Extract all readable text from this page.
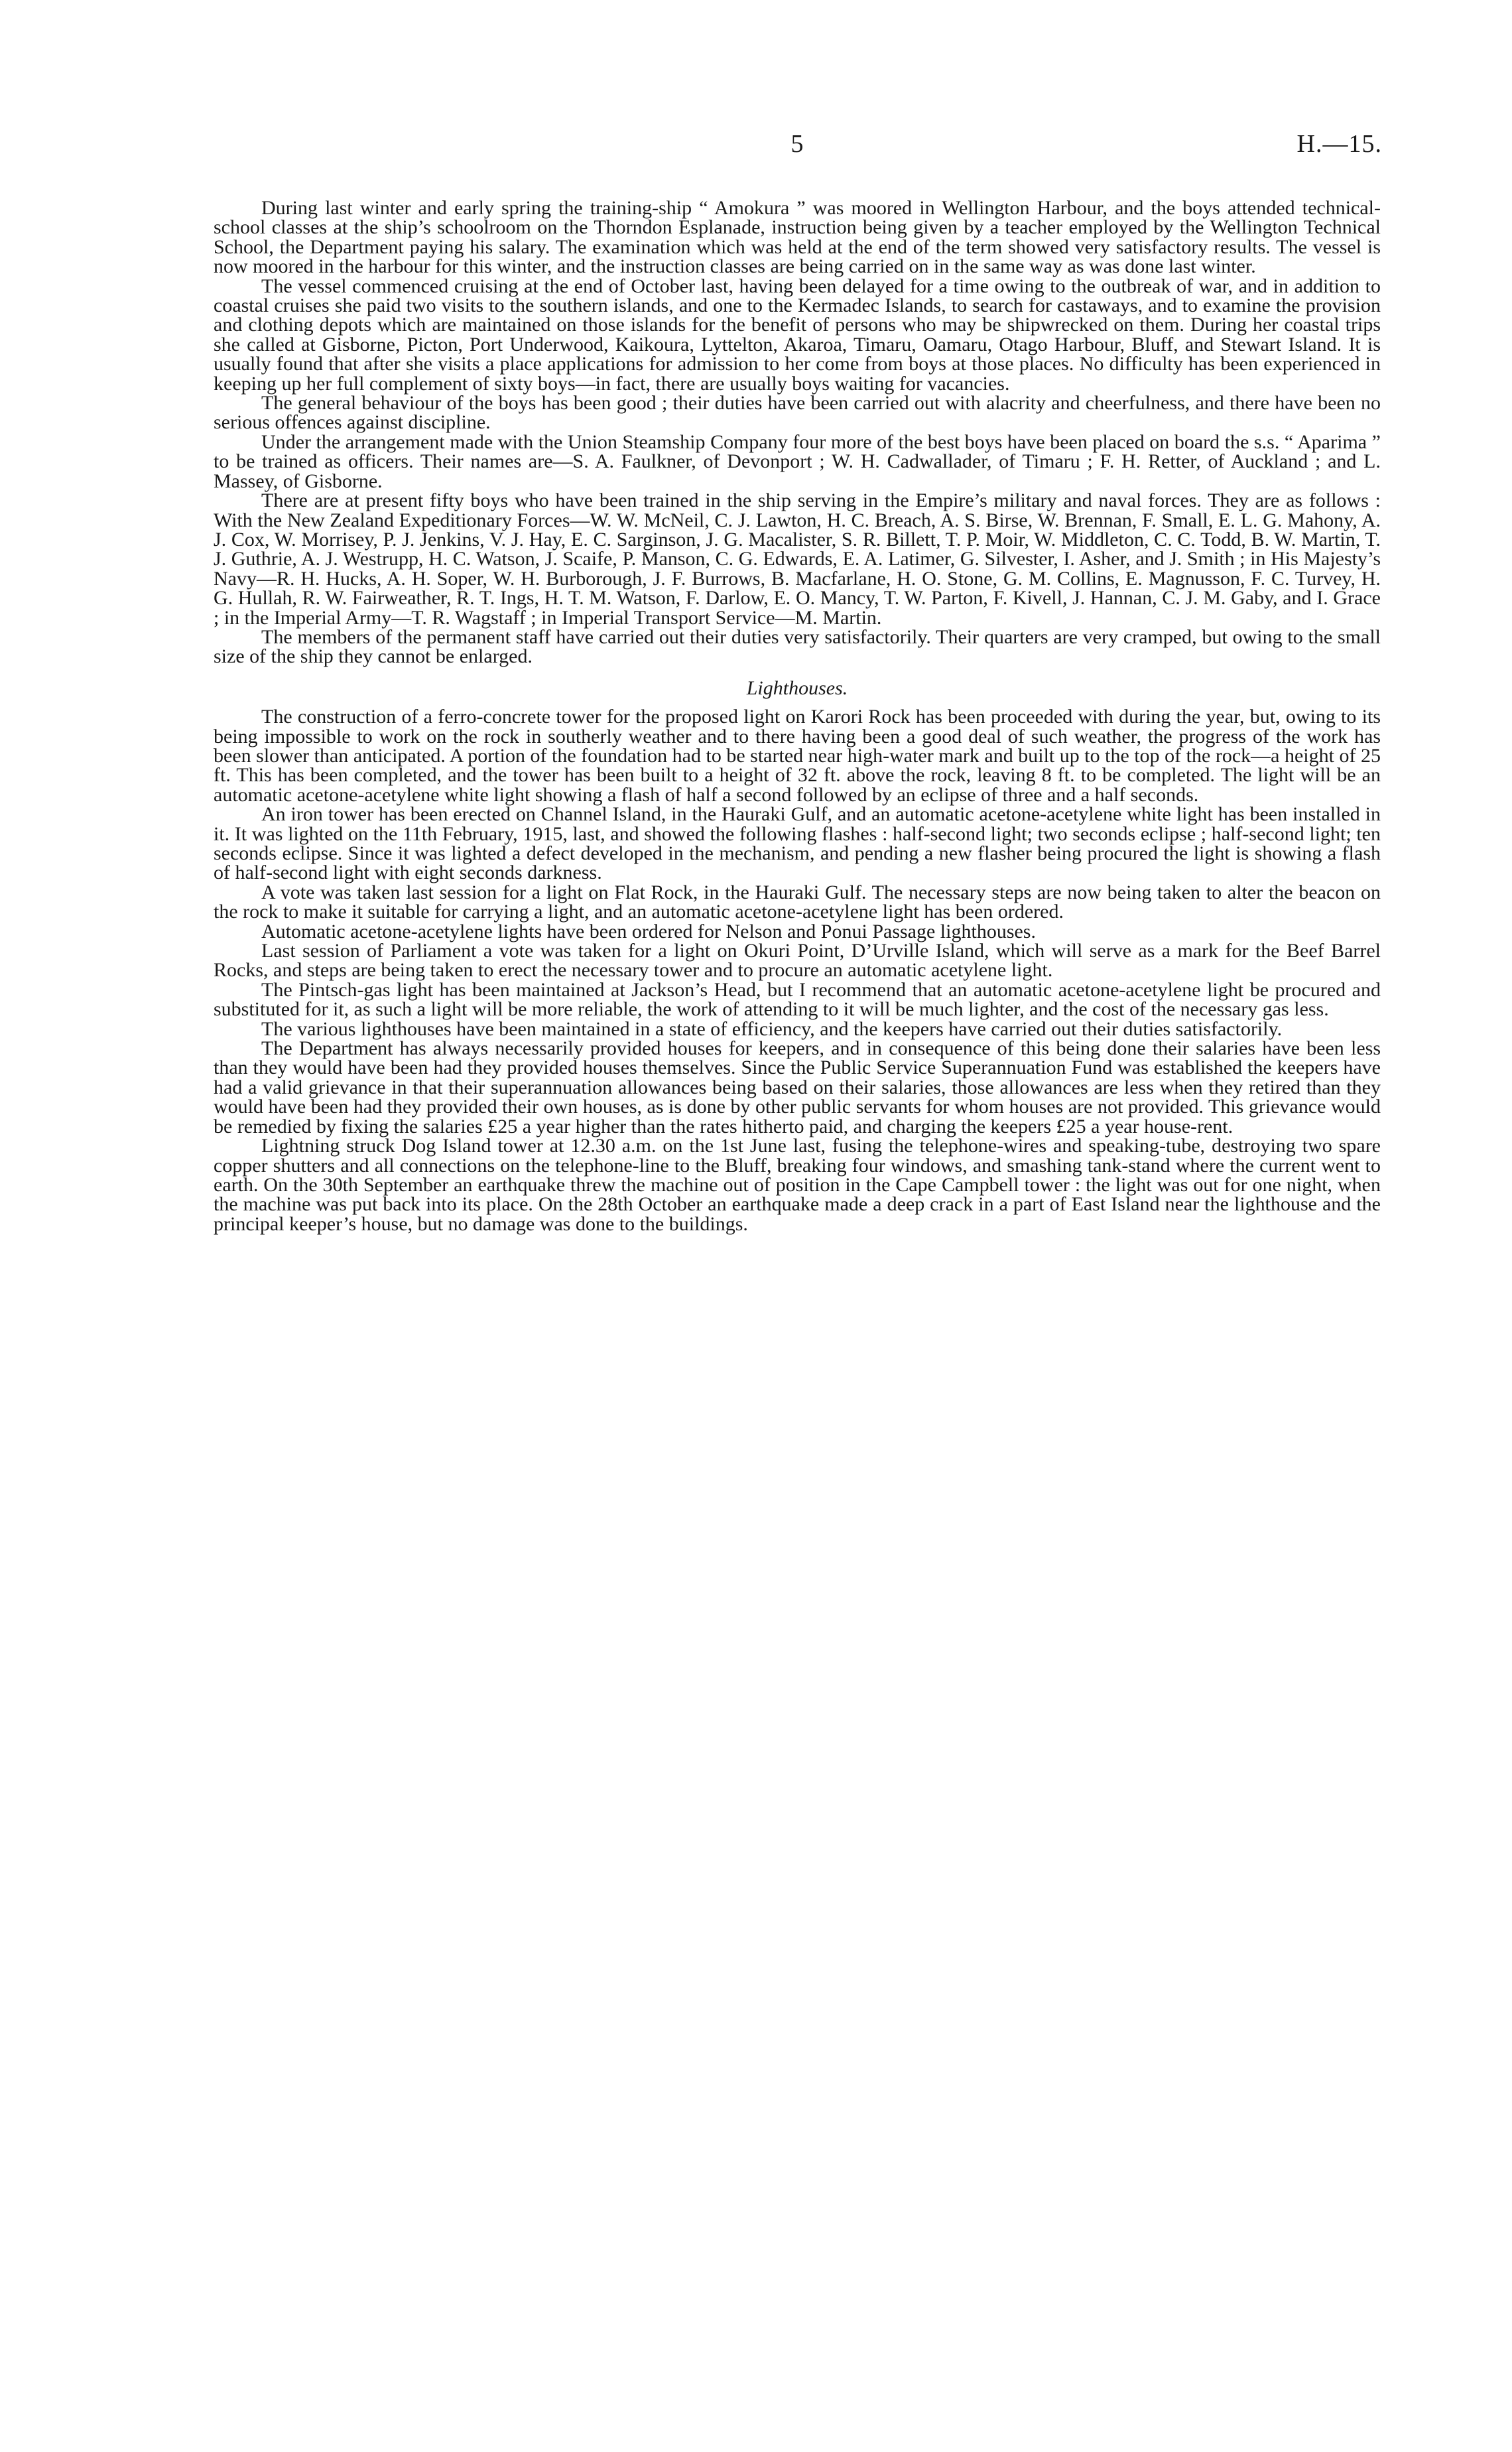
5	H.—15.

During last winter and early spring the training-ship “ Amokura ” was moored in Wellington Harbour, and the boys attended technical-school classes at the ship’s schoolroom on the Thorndon Esplanade, instruction being given by a teacher employed by the Wellington Technical School, the Department paying his salary. The examination which was held at the end of the term showed very satisfactory results. The vessel is now moored in the harbour for this winter, and the instruction classes are being carried on in the same way as was done last winter.

The vessel commenced cruising at the end of October last, having been delayed for a time owing to the outbreak of war, and in addition to coastal cruises she paid two visits to the southern islands, and one to the Kermadec Islands, to search for castaways, and to examine the provision and clothing depots which are maintained on those islands for the benefit of persons who may be shipwrecked on them. During her coastal trips she called at Gisborne, Picton, Port Underwood, Kaikoura, Lyttelton, Akaroa, Timaru, Oamaru, Otago Harbour, Bluff, and Stewart Island. It is usually found that after she visits a place applications for admission to her come from boys at those places. No difficulty has been experienced in keeping up her full complement of sixty boys—in fact, there are usually boys waiting for vacancies.

The general behaviour of the boys has been good ; their duties have been carried out with alacrity and cheerfulness, and there have been no serious offences against discipline.

Under the arrangement made with the Union Steamship Company four more of the best boys have been placed on board the s.s. “ Aparima ” to be trained as officers. Their names are—S. A. Faulkner, of Devonport ; W. H. Cadwallader, of Timaru ; F. H. Retter, of Auckland ; and L. Massey, of Gisborne.

There are at present fifty boys who have been trained in the ship serving in the Empire’s military and naval forces. They are as follows : With the New Zealand Expeditionary Forces—W. W. McNeil, C. J. Lawton, H. C. Breach, A. S. Birse, W. Brennan, F. Small, E. L. G. Mahony, A. J. Cox, W. Morrisey, P. J. Jenkins, V. J. Hay, E. C. Sarginson, J. G. Macalister, S. R. Billett, T. P. Moir, W. Middleton, C. C. Todd, B. W. Martin, T. J. Guthrie, A. J. Westrupp, H. C. Watson, J. Scaife, P. Manson, C. G. Edwards, E. A. Latimer, G. Silvester, I. Asher, and J. Smith ; in His Majesty’s Navy—R. H. Hucks, A. H. Soper, W. H. Burborough, J. F. Burrows, B. Macfarlane, H. O. Stone, G. M. Collins, E. Magnusson, F. C. Turvey, H. G. Hullah, R. W. Fairweather, R. T. Ings, H. T. M. Watson, F. Darlow, E. O. Mancy, T. W. Parton, F. Kivell, J. Hannan, C. J. M. Gaby, and I. Grace ; in the Imperial Army—T. R. Wagstaff ; in Imperial Transport Service—M. Martin.

The members of the permanent staff have carried out their duties very satisfactorily. Their quarters are very cramped, but owing to the small size of the ship they cannot be enlarged.

Lighthouses.

The construction of a ferro-concrete tower for the proposed light on Karori Rock has been proceeded with during the year, but, owing to its being impossible to work on the rock in southerly weather and to there having been a good deal of such weather, the progress of the work has been slower than anticipated. A portion of the foundation had to be started near high-water mark and built up to the top of the rock—a height of 25 ft. This has been completed, and the tower has been built to a height of 32 ft. above the rock, leaving 8 ft. to be completed. The light will be an automatic acetone-acetylene white light showing a flash of half a second followed by an eclipse of three and a half seconds.

An iron tower has been erected on Channel Island, in the Hauraki Gulf, and an automatic acetone-acetylene white light has been installed in it. It was lighted on the 11th February, 1915, last, and showed the following flashes : half-second light; two seconds eclipse ; half-second light; ten seconds eclipse. Since it was lighted a defect developed in the mechanism, and pending a new flasher being procured the light is showing a flash of half-second light with eight seconds darkness.

A vote was taken last session for a light on Flat Rock, in the Hauraki Gulf. The necessary steps are now being taken to alter the beacon on the rock to make it suitable for carrying a light, and an automatic acetone-acetylene light has been ordered.

Automatic acetone-acetylene lights have been ordered for Nelson and Ponui Passage lighthouses.

Last session of Parliament a vote was taken for a light on Okuri Point, D’Urville Island, which will serve as a mark for the Beef Barrel Rocks, and steps are being taken to erect the necessary tower and to procure an automatic acetylene light.

The Pintsch-gas light has been maintained at Jackson’s Head, but I recommend that an automatic acetone-acetylene light be procured and substituted for it, as such a light will be more reliable, the work of attending to it will be much lighter, and the cost of the necessary gas less.

The various lighthouses have been maintained in a state of efficiency, and the keepers have carried out their duties satisfactorily.

The Department has always necessarily provided houses for keepers, and in consequence of this being done their salaries have been less than they would have been had they provided houses themselves. Since the Public Service Superannuation Fund was established the keepers have had a valid grievance in that their superannuation allowances being based on their salaries, those allowances are less when they retired than they would have been had they provided their own houses, as is done by other public servants for whom houses are not provided. This grievance would be remedied by fixing the salaries £25 a year higher than the rates hitherto paid, and charging the keepers £25 a year house-rent.

Lightning struck Dog Island tower at 12.30 a.m. on the 1st June last, fusing the telephone-wires and speaking-tube, destroying two spare copper shutters and all connections on the telephone-line to the Bluff, breaking four windows, and smashing tank-stand where the current went to earth. On the 30th September an earthquake threw the machine out of position in the Cape Campbell tower : the light was out for one night, when the machine was put back into its place. On the 28th October an earthquake made a deep crack in a part of East Island near the lighthouse and the principal keeper’s house, but no damage was done to the buildings.
